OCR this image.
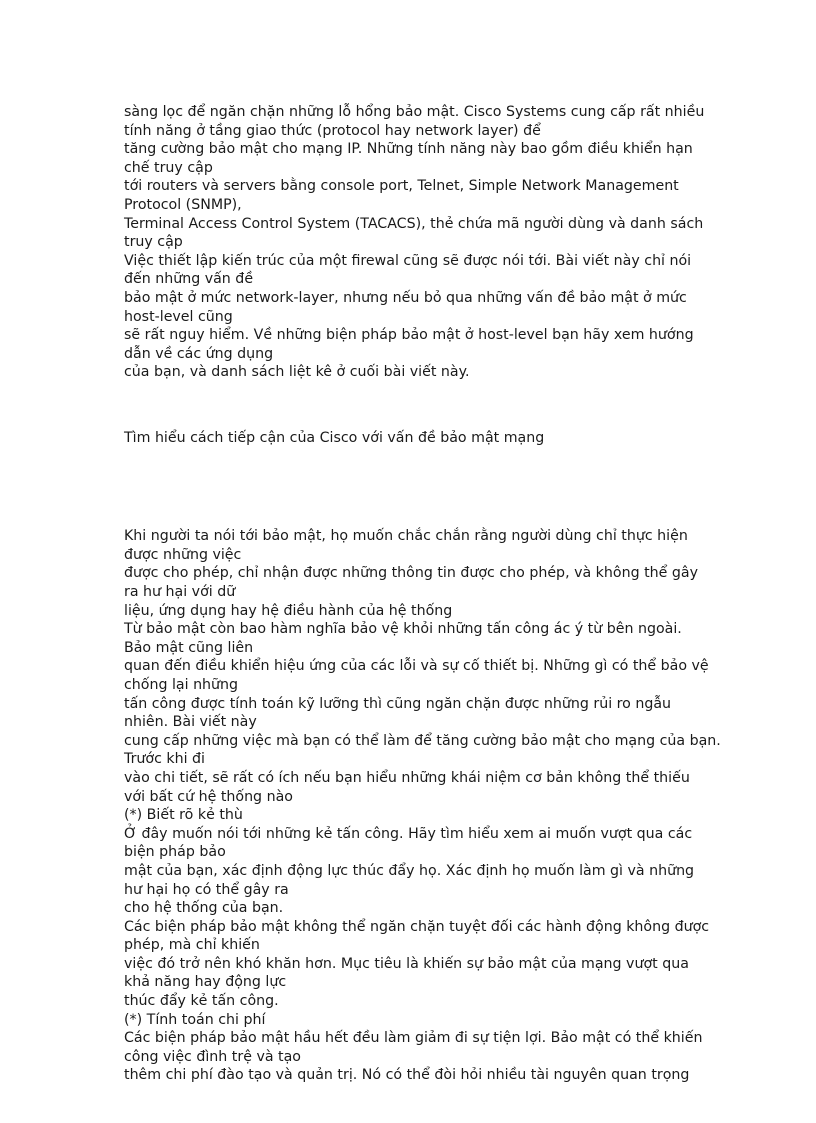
sàng lọc để ngăn chặn những lỗ hổng bảo mật. Cisco Systems cung cấp rất nhiều

tính năng ở tầng giao thức (protocol hay network layer) để

tăng cường bảo mật cho mạng IP. Những tính năng này bao gồm điều khiển hạn

chế truy cập

tới routers và servers bằng console port, Telnet, Simple Network Management

Protocol (SNMP),

Terminal Access Control System (TACACS), thẻ chứa mã người dùng và danh sách

truy cập

Việc thiết lập kiến trúc của một firewal cũng sẽ được nói tới. Bài viết này chỉ nói

đến những vấn đề

bảo mật ở mức network-layer, nhưng nếu bỏ qua những vấn đề bảo mật ở mức

host-level cũng

sẽ rất nguy hiểm. Về những biện pháp bảo mật ở host-level bạn hãy xem hướng

dẫn về các ứng dụng

của bạn, và danh sách liệt kê ở cuối bài viết này.

Tìm hiểu cách tiếp cận của Cisco với vấn đề bảo mật mạng

Khi người ta nói tới bảo mật, họ muốn chắc chắn rằng người dùng chỉ thực hiện

được những việc

được cho phép, chỉ nhận được những thông tin được cho phép, và không thể gây

ra hư hại với dữ

liệu, ứng dụng hay hệ điều hành của hệ thống

Từ bảo mật còn bao hàm nghĩa bảo vệ khỏi những tấn công ác ý từ bên ngoài.

Bảo mật cũng liên

quan đến điều khiển hiệu ứng của các lỗi và sự cố thiết bị. Những gì có thể bảo vệ

chống lại những

tấn công được tính toán kỹ lưỡng thì cũng ngăn chặn được những rủi ro ngẫu

nhiên. Bài viết này

cung cấp những việc mà bạn có thể làm để tăng cường bảo mật cho mạng của bạn.

Trước khi đi

vào chi tiết, sẽ rất có ích nếu bạn hiểu những khái niệm cơ bản không thể thiếu

với bất cứ hệ thống nào

(*) Biết rõ kẻ thù

Ở đây muốn nói tới những kẻ tấn công. Hãy tìm hiểu xem ai muốn vượt qua các

biện pháp bảo

mật của bạn, xác định động lực thúc đẩy họ. Xác định họ muốn làm gì và những

hư hại họ có thể gây ra

cho hệ thống của bạn.

Các biện pháp bảo mật không thể ngăn chặn tuyệt đối các hành động không được

phép, mà chỉ khiến

việc đó trở nên khó khăn hơn. Mục tiêu là khiến sự bảo mật của mạng vượt qua

khả năng hay động lực

thúc đẩy kẻ tấn công.

(*) Tính toán chi phí

Các biện pháp bảo mật hầu hết đều làm giảm đi sự tiện lợi. Bảo mật có thể khiến

công việc đình trệ và tạo

thêm chi phí đào tạo và quản trị. Nó có thể đòi hỏi nhiều tài nguyên quan trọng
